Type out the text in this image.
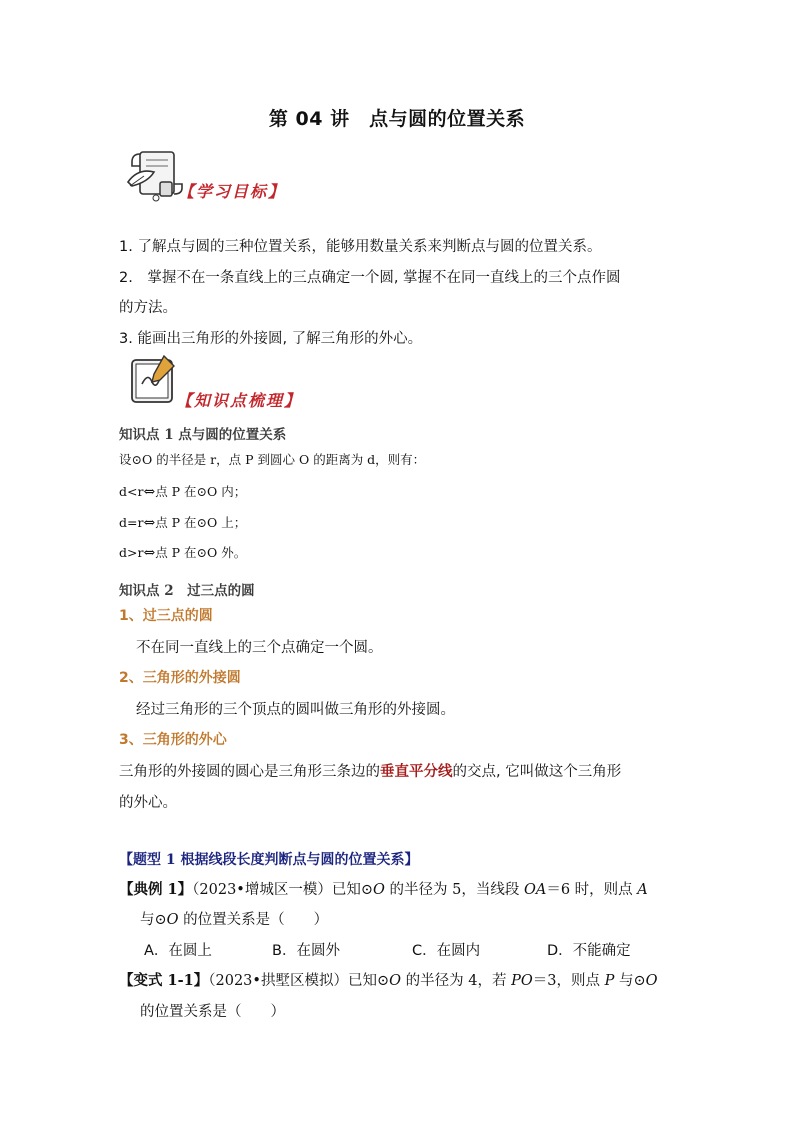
第 04 讲　点与圆的位置关系
【学习目标】
1. 了解点与圆的三种位置关系，能够用数量关系来判断点与圆的位置关系。
2.　掌握不在一条直线上的三点确定一个圆, 掌握不在同一直线上的三个点作圆
的方法。
3. 能画出三角形的外接圆, 了解三角形的外心。
【知识点梳理】
知识点 1 点与圆的位置关系
设⊙O 的半径是 r，点 P 到圆心 O 的距离为 d，则有：
d<r⇔点 P 在⊙O 内；
d=r⇔点 P 在⊙O 上；
d>r⇔点 P 在⊙O 外。
知识点 2　过三点的圆
1、过三点的圆
不在同一直线上的三个点确定一个圆。
2、三角形的外接圆
经过三角形的三个顶点的圆叫做三角形的外接圆。
3、三角形的外心
三角形的外接圆的圆心是三角形三条边的垂直平分线的交点, 它叫做这个三角形
的外心。
【题型 1 根据线段长度判断点与圆的位置关系】
【典例 1】（2023•增城区一模）已知⊙O 的半径为 5，当线段 OA＝6 时，则点 A
与⊙O 的位置关系是（　　）
A．在圆上	B．在圆外	C．在圆内	D．不能确定
【变式 1-1】（2023•拱墅区模拟）已知⊙O 的半径为 4，若 PO＝3，则点 P 与⊙O
的位置关系是（　　）
